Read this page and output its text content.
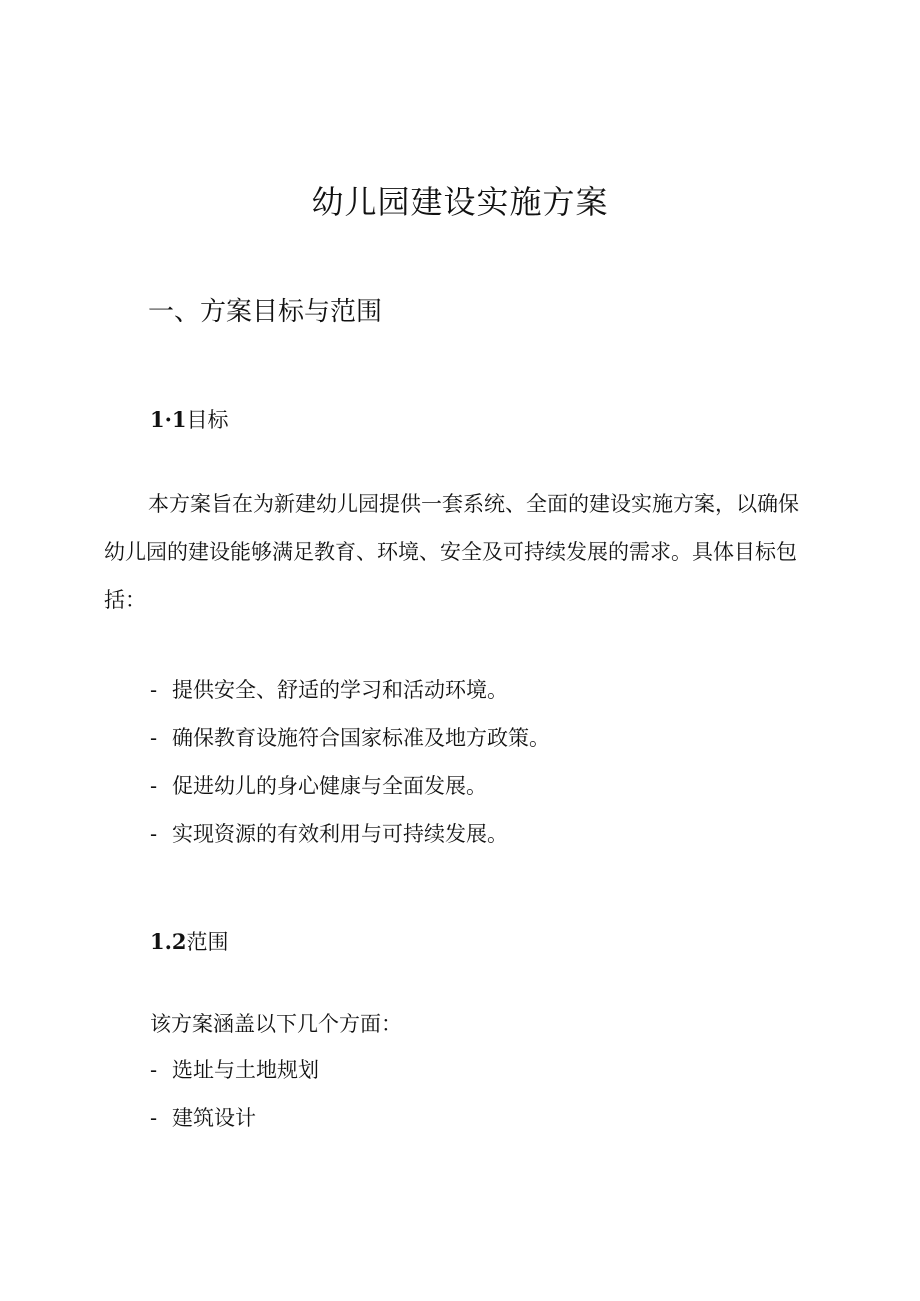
幼儿园建设实施方案
一、方案目标与范围
1·1目标

本方案旨在为新建幼儿园提供一套系统、全面的建设实施方案，以确保幼儿园的建设能够满足教育、环境、安全及可持续发展的需求。具体目标包括：

- 提供安全、舒适的学习和活动环境。
- 确保教育设施符合国家标准及地方政策。
- 促进幼儿的身心健康与全面发展。
- 实现资源的有效利用与可持续发展。
1.2范围

该方案涵盖以下几个方面：

- 选址与土地规划
- 建筑设计
